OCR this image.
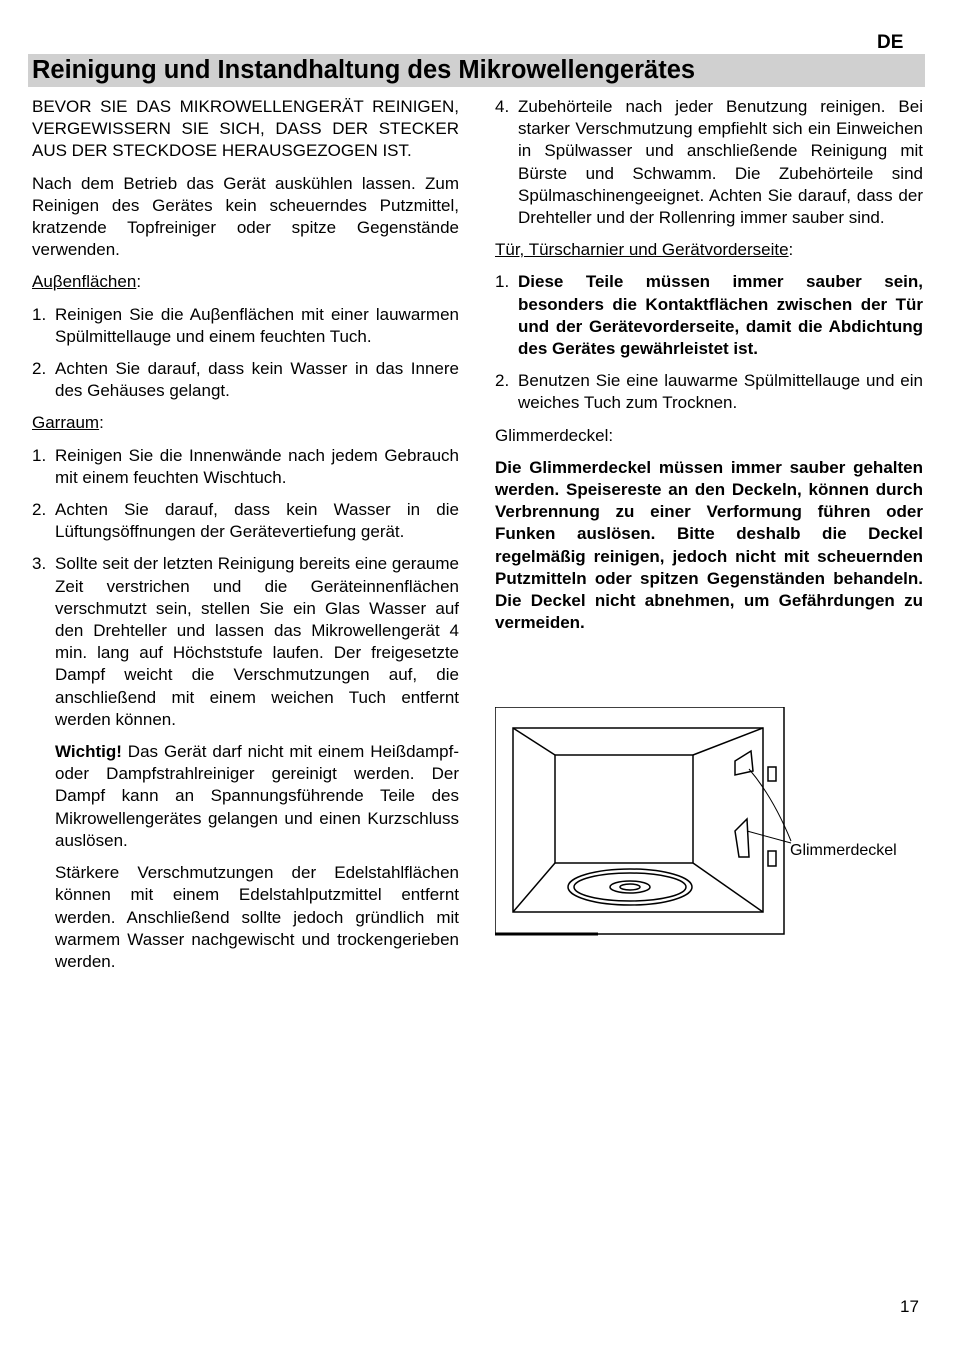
DE
Reinigung und Instandhaltung des Mikrowellengerätes

BEVOR SIE DAS MIKROWELLENGERÄT REINIGEN, VERGEWISSERN SIE SICH, DASS DER STECKER AUS DER STECKDOSE HERAUSGEZOGEN IST.

Nach dem Betrieb das Gerät auskühlen lassen. Zum Reinigen des Gerätes kein scheuerndes Putzmittel, kratzende Topfreiniger oder spitze Gegenstände verwenden.

Auβenflächen:
1. Reinigen Sie die Auβenflächen mit einer lauwarmen Spülmittellauge und einem feuchten Tuch.
2. Achten Sie darauf, dass kein Wasser in das Innere des Gehäuses gelangt.
Garraum:
1. Reinigen Sie die Innenwände nach jedem Gebrauch mit einem feuchten Wischtuch.
2. Achten Sie darauf, dass kein Wasser in die Lüftungsöffnungen der Gerätevertiefung gerät.
3. Sollte seit der letzten Reinigung bereits eine geraume Zeit verstrichen und die Geräteinnenflächen verschmutzt sein, stellen Sie ein Glas Wasser auf den Drehteller und lassen das Mikrowellengerät 4 min. lang auf Höchststufe laufen. Der freigesetzte Dampf weicht die Verschmutzungen auf, die anschließend mit einem weichen Tuch entfernt werden können.

Wichtig! Das Gerät darf nicht mit einem Heißdampf- oder Dampfstrahlreiniger gereinigt werden. Der Dampf kann an Spannungsführende Teile des Mikrowellengerätes gelangen und einen Kurzschluss auslösen.

Stärkere Verschmutzungen der Edelstahlflächen können mit einem Edelstahlputzmittel entfernt werden. Anschließend sollte jedoch gründlich mit warmem Wasser nachgewischt und trockengerieben werden.

4. Zubehörteile nach jeder Benutzung reinigen. Bei starker Verschmutzung empfiehlt sich ein Einweichen in Spülwasser und anschließende Reinigung mit Bürste und Schwamm. Die Zubehörteile sind Spülmaschinengeeignet. Achten Sie darauf, dass der Drehteller und der Rollenring immer sauber sind.
Tür, Türscharnier und Gerätvorderseite:
1. Diese Teile müssen immer sauber sein, besonders die Kontaktflächen zwischen der Tür und der Gerätevorderseite, damit die Abdichtung des Gerätes gewährleistet ist.
2. Benutzen Sie eine lauwarme Spülmittellauge und ein weiches Tuch zum Trocknen.
Glimmerdeckel:

Die Glimmerdeckel müssen immer sauber gehalten werden. Speisereste an den Deckeln, können durch Verbrennung zu einer Verformung führen oder Funken auslösen. Bitte deshalb die Deckel regelmäßig reinigen, jedoch nicht mit scheuernden Putzmitteln oder spitzen Gegenständen behandeln. Die Deckel nicht abnehmen, um Gefährdungen zu vermeiden.

Glimmerdeckel
17
